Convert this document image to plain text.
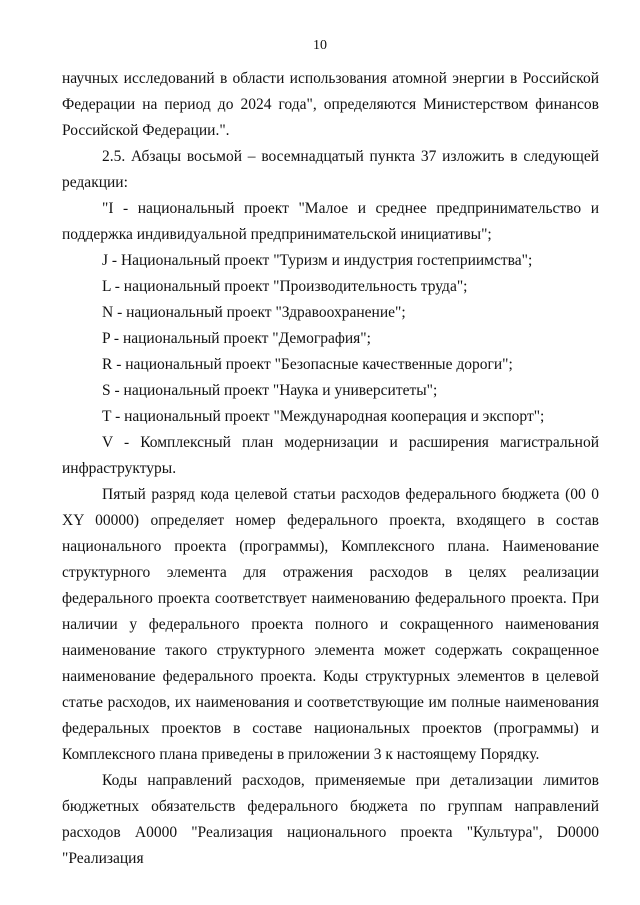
10

научных исследований в области использования атомной энергии в Российской Федерации на период до 2024 года", определяются Министерством финансов Российской Федерации.".

2.5. Абзацы восьмой – восемнадцатый пункта 37 изложить в следующей редакции:

"I - национальный проект "Малое и среднее предпринимательство и поддержка индивидуальной предпринимательской инициативы";

J - Национальный проект "Туризм и индустрия гостеприимства";

L - национальный проект "Производительность труда";

N - национальный проект "Здравоохранение";

P - национальный проект "Демография";

R - национальный проект "Безопасные качественные дороги";

S - национальный проект "Наука и университеты";

T - национальный проект "Международная кооперация и экспорт";

V - Комплексный план модернизации и расширения магистральной инфраструктуры.

Пятый разряд кода целевой статьи расходов федерального бюджета (00 0 XY 00000) определяет номер федерального проекта, входящего в состав национального проекта (программы), Комплексного плана. Наименование структурного элемента для отражения расходов в целях реализации федерального проекта соответствует наименованию федерального проекта. При наличии у федерального проекта полного и сокращенного наименования наименование такого структурного элемента может содержать сокращенное наименование федерального проекта. Коды структурных элементов в целевой статье расходов, их наименования и соответствующие им полные наименования федеральных проектов в составе национальных проектов (программы) и Комплексного плана приведены в приложении 3 к настоящему Порядку.

Коды направлений расходов, применяемые при детализации лимитов бюджетных обязательств федерального бюджета по группам направлений расходов A0000 "Реализация национального проекта "Культура", D0000 "Реализация
